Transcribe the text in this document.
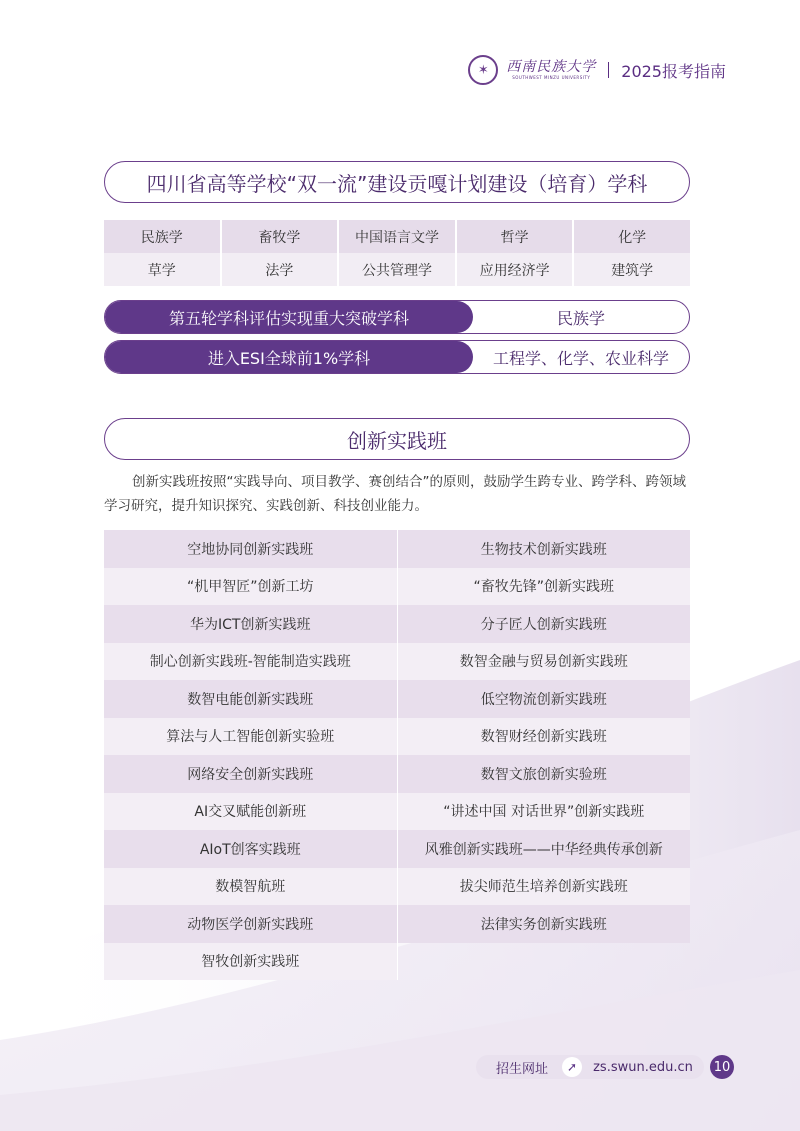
✶	西南民族大学
SOUTHWEST MINZU UNIVERSITY 2025报考指南
四川省高等学校“双一流”建设贡嘎计划建设（培育）学科
民族学	畜牧学	中国语言文学	哲学	化学
草学	法学	公共管理学	应用经济学	建筑学
第五轮学科评估实现重大突破学科	民族学
进入ESI全球前1%学科	工程学、化学、农业科学
创新实践班

创新实践班按照“实践导向、项目教学、赛创结合”的原则，鼓励学生跨专业、跨学科、跨领域学习研究，提升知识探究、实践创新、科技创业能力。

空地协同创新实践班	生物技术创新实践班
“机甲智匠”创新工坊	“畜牧先锋”创新实践班
华为ICT创新实践班	分子匠人创新实践班
制心创新实践班-智能制造实践班	数智金融与贸易创新实践班
数智电能创新实践班	低空物流创新实践班
算法与人工智能创新实验班	数智财经创新实践班
网络安全创新实践班	数智文旅创新实验班
AI交叉赋能创新班	“讲述中国 对话世界”创新实践班
AIoT创客实践班	风雅创新实践班——中华经典传承创新
数模智航班	拔尖师范生培养创新实践班
动物医学创新实践班	法律实务创新实践班
智牧创新实践班
招生网址	➚	zs.swun.edu.cn	10
